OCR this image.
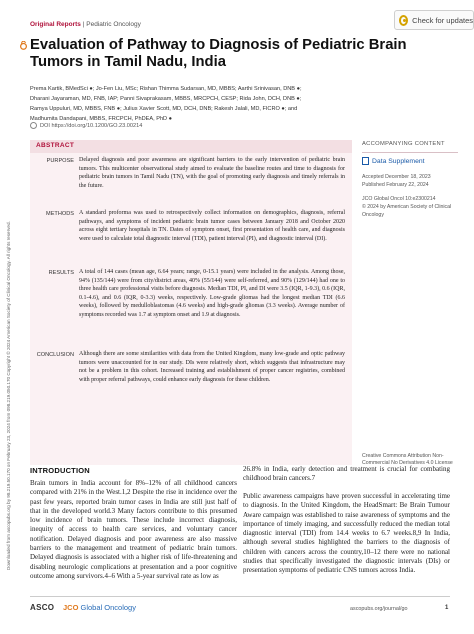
Original Reports | Pediatric Oncology	Check for updates
Evaluation of Pathway to Diagnosis of Pediatric Brain Tumors in Tamil Nadu, India
Prema Kartik, BMedSci ●; Jo-Fen Liu, MSc; Rishan Thimma Sudarsan, MD, MBBS; Aarthi Srinivasan, DNB ●;
Dharani Jayaraman, MD, FNB, IAP; Panni Sivaprakasam, MBBS, MRCPCH, CESP; Rida John, DCH, DNB ●;
Ramya Uppuluri, MD, MBBS, FNB ●; Julius Xavier Scott, MD, DCH, DNB; Rakesh Jalali, MD, FICRO ●; and
Madhumita Dandapani, MBBS, FRCPCH, PhDEA, PhD ●
DOI https://doi.org/10.1200/GO.23.00214
Downloaded from ascopubs.org by 98.219.50.170 on February 23, 2024 from 098.219.050.170 Copyright © 2024 American Society of Clinical Oncology. All rights reserved.
ABSTRACT
PURPOSE Delayed diagnosis and poor awareness are significant barriers to the early intervention of pediatric brain tumors. This multicenter observational study aimed to evaluate the baseline routes and time to diagnosis for pediatric brain tumors in Tamil Nadu (TN), with the goal of promoting early diagnosis and timely referrals in the future.
METHODS A standard proforma was used to retrospectively collect information on demographics, diagnosis, referral pathways, and symptoms of incident pediatric brain tumor cases between January 2018 and October 2020 across eight tertiary hospitals in TN. Dates of symptom onset, first presentation of health care, and diagnosis were used to calculate total diagnostic interval (TDI), patient interval (PI), and diagnostic interval (DI).
RESULTS A total of 144 cases (mean age, 6.64 years; range, 0-15.1 years) were included in the analysis. Among those, 94% (135/144) were from city/district areas, 40% (55/144) were self-referred, and 90% (129/144) had one to three health care professional visits before diagnosis. Median TDI, PI, and DI were 3.5 (IQR, 1-9.3), 0.6 (IQR, 0.1-4.6), and 0.6 (IQR, 0-3.3) weeks, respectively. Low-grade gliomas had the longest median TDI (6.6 weeks), followed by medulloblastomas (4.6 weeks) and high-grade gliomas (3.3 weeks). Average number of symptoms recorded was 1.7 at symptom onset and 1.9 at diagnosis.
CONCLUSION Although there are some similarities with data from the United Kingdom, many low-grade and optic pathway tumors were unaccounted for in our study. DIs were relatively short, which suggests that infrastructure may not be a problem in this cohort. Increased training and establishment of proper cancer registries, combined with proper referral pathways, could enhance early diagnosis for these children.
ACCOMPANYING CONTENT
Data Supplement
Accepted December 18, 2023
Published February 22, 2024
JCO Global Oncol 10:e2300214
© 2024 by American Society of Clinical Oncology
Creative Commons Attribution Non-Commercial No Derivatives 4.0 License
INTRODUCTION
Brain tumors in India account for 8%–12% of all childhood cancers compared with 21% in the West.1,2 Despite the rise in incidence over the past few years, reported brain tumor cases in India are still just half of that in the developed world.3 Many factors contribute to this presumed low incidence of brain tumors. These include incorrect diagnosis, inequity of access to health care services, and voluntary cancer notification. Delayed diagnosis and poor awareness are also massive barriers to the management and treatment of pediatric brain tumors. Delayed diagnosis is associated with a higher risk of life-threatening and disabling neurologic complications at presentation and a poor cognitive outcome among survivors.4–6 With a 5-year survival rate as low as
26.8% in India, early detection and treatment is crucial for combating childhood brain cancers.7
Public awareness campaigns have proven successful in accelerating time to diagnosis. In the United Kingdom, the HeadSmart: Be Brain Tumour Aware campaign was established to raise awareness of symptoms and the importance of timely imaging, and successfully reduced the median total diagnostic interval (TDI) from 14.4 weeks to 6.7 weeks.8,9 In India, although several studies highlighted the barriers to the diagnosis of children with cancers across the country,10–12 there were no national studies that specifically investigated the diagnostic intervals (DIs) or presentation symptoms of pediatric CNS tumors across India.
ASCO JCO Global Oncology	ascopubs.org/journal/go	1
